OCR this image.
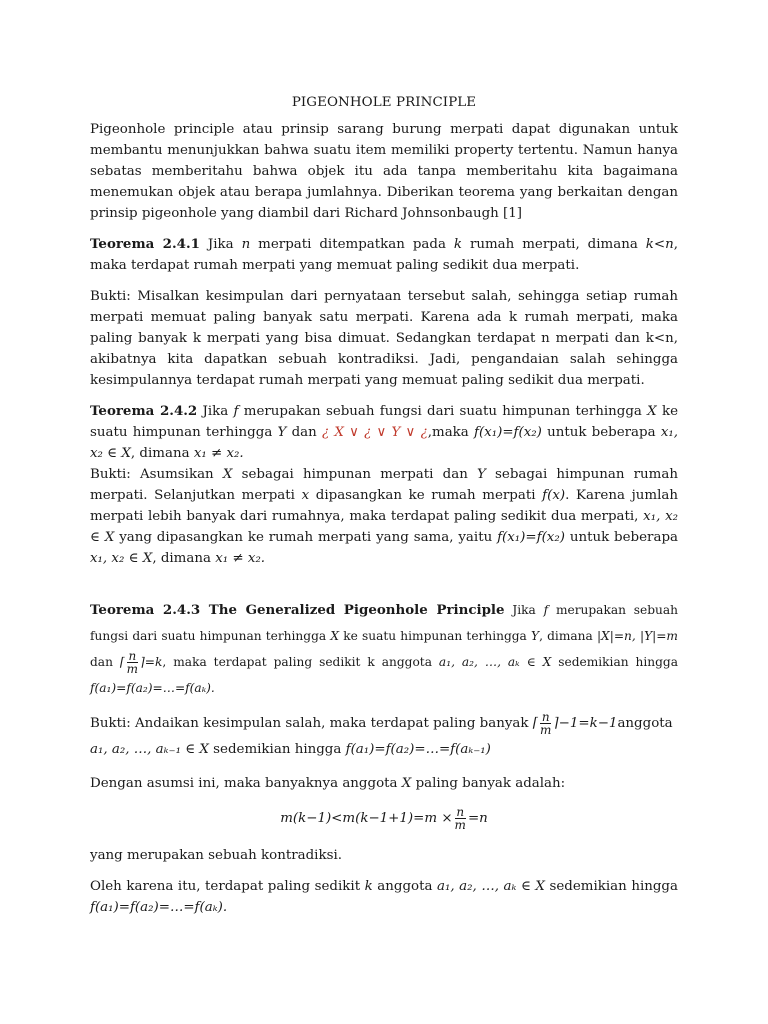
PIGEONHOLE PRINCIPLE

Pigeonhole principle atau prinsip sarang burung merpati dapat digunakan untuk membantu menunjukkan bahwa suatu item memiliki property tertentu. Namun hanya sebatas memberitahu bahwa objek itu ada tanpa memberitahu kita bagaimana menemukan objek atau berapa jumlahnya. Diberikan teorema yang berkaitan dengan prinsip pigeonhole yang diambil dari Richard Johnsonbaugh [1]

Teorema 2.4.1 Jika n merpati ditempatkan pada k rumah merpati, dimana k<n, maka terdapat rumah merpati yang memuat paling sedikit dua merpati.

Bukti: Misalkan kesimpulan dari pernyataan tersebut salah, sehingga setiap rumah merpati memuat paling banyak satu merpati. Karena ada k rumah merpati, maka paling banyak k merpati yang bisa dimuat. Sedangkan terdapat n merpati dan k<n, akibatnya kita dapatkan sebuah kontradiksi. Jadi, pengandaian salah sehingga kesimpulannya terdapat rumah merpati yang memuat paling sedikit dua merpati.

Teorema 2.4.2 Jika f merupakan sebuah fungsi dari suatu himpunan terhingga X ke suatu himpunan terhingga Y dan ¿ X ∨ ¿ ∨ Y ∨ ¿,maka f(x₁)=f(x₂) untuk beberapa x₁, x₂ ∈ X, dimana x₁ ≠ x₂.

Bukti: Asumsikan X sebagai himpunan merpati dan Y sebagai himpunan rumah merpati. Selanjutkan merpati x dipasangkan ke rumah merpati f(x). Karena jumlah merpati lebih banyak dari rumahnya, maka terdapat paling sedikit dua merpati, x₁, x₂ ∈ X yang dipasangkan ke rumah merpati yang sama, yaitu f(x₁)=f(x₂) untuk beberapa x₁, x₂ ∈ X, dimana x₁ ≠ x₂.

Teorema 2.4.3 The Generalized Pigeonhole Principle Jika f merupakan sebuah fungsi dari suatu himpunan terhingga X ke suatu himpunan terhingga Y, dimana |X|=n, |Y|=m dan ⌈ $\frac{n}{m}$ ⌉=k, maka terdapat paling sedikit k anggota a₁, a₂, …, aₖ ∈ X sedemikian hingga f(a₁)=f(a₂)=…=f(aₖ).

Bukti: Andaikan kesimpulan salah, maka terdapat paling banyak ⌈ $\frac{n}{m}$ ⌉−1=k−1anggota
a₁, a₂, …, aₖ₋₁ ∈ X sedemikian hingga f(a₁)=f(a₂)=…=f(aₖ₋₁)

Dengan asumsi ini, maka banyaknya anggota X paling banyak adalah:

$m(k-1)<m(k-1+1)=m \times \frac{n}{m} =n$

yang merupakan sebuah kontradiksi.

Oleh karena itu, terdapat paling sedikit k anggota a₁, a₂, …, aₖ ∈ X sedemikian hingga f(a₁)=f(a₂)=…=f(aₖ).
